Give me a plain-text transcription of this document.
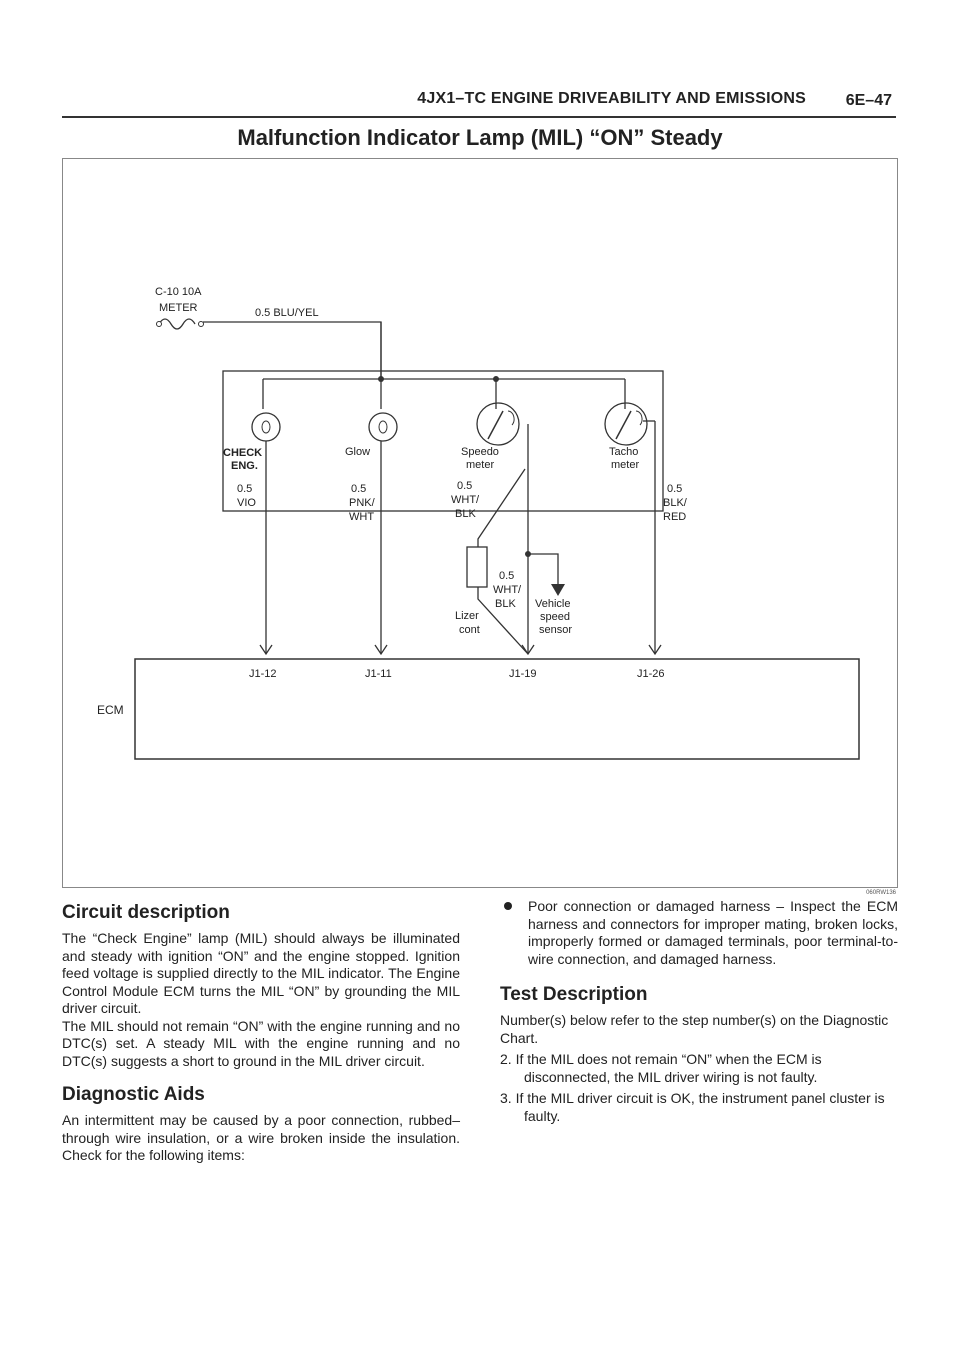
4JX1–TC ENGINE DRIVEABILITY AND EMISSIONS 6E–47
Malfunction Indicator Lamp (MIL) “ON” Steady
C-10 10A
METER	0.5 BLU/YEL
CHECK
ENG.
Glow	Speedo
meter
Tacho
meter
0.5
VIO
0.5
PNK/
WHT
0.5
WHT/
BLK
0.5
WHT/
BLK
0.5
BLK/
RED
Lizer
cont
Vehicle
speed
sensor
J1-12	J1-11	J1-19	J1-26
ECM
060RW136
Circuit description

The “Check Engine” lamp (MIL) should always be illuminated and steady with ignition “ON” and the engine stopped. Ignition feed voltage is supplied directly to the MIL indicator. The Engine Control Module ECM turns the MIL “ON” by grounding the MIL driver circuit.

The MIL should not remain “ON” with the engine running and no DTC(s) set. A steady MIL with the engine running and no DTC(s) suggests a short to ground in the MIL driver circuit.

Diagnostic Aids

An intermittent may be caused by a poor connection, rubbed–through wire insulation, or a wire broken inside the insulation. Check for the following items:

Poor connection or damaged harness – Inspect the ECM harness and connectors for improper mating, broken locks, improperly formed or damaged terminals, poor terminal-to-wire connection, and damaged harness.
Test Description

Number(s) below refer to the step number(s) on the Diagnostic Chart.

2. If the MIL does not remain “ON” when the ECM is disconnected, the MIL driver wiring is not faulty.
3. If the MIL driver circuit is OK, the instrument panel cluster is faulty.
